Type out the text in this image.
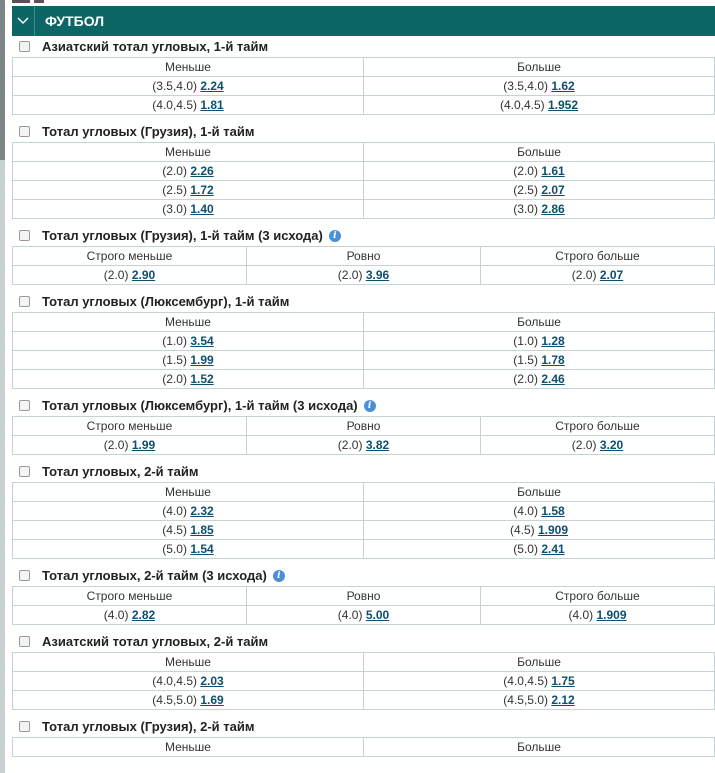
ФУТБОЛ
Азиатский тотал угловых, 1-й тайм
Меньше	Больше
(3.5,4.0) 2.24	(3.5,4.0) 1.62
(4.0,4.5) 1.81	(4.0,4.5) 1.952
Тотал угловых (Грузия), 1-й тайм
Меньше	Больше
(2.0) 2.26	(2.0) 1.61
(2.5) 1.72	(2.5) 2.07
(3.0) 1.40	(3.0) 2.86
Тотал угловых (Грузия), 1-й тайм (3 исхода)	i
Строго меньше	Ровно	Строго больше
(2.0) 2.90	(2.0) 3.96	(2.0) 2.07
Тотал угловых (Люксембург), 1-й тайм
Меньше	Больше
(1.0) 3.54	(1.0) 1.28
(1.5) 1.99	(1.5) 1.78
(2.0) 1.52	(2.0) 2.46
Тотал угловых (Люксембург), 1-й тайм (3 исхода)	i
Строго меньше	Ровно	Строго больше
(2.0) 1.99	(2.0) 3.82	(2.0) 3.20
Тотал угловых, 2-й тайм
Меньше	Больше
(4.0) 2.32	(4.0) 1.58
(4.5) 1.85	(4.5) 1.909
(5.0) 1.54	(5.0) 2.41
Тотал угловых, 2-й тайм (3 исхода)	i
Строго меньше	Ровно	Строго больше
(4.0) 2.82	(4.0) 5.00	(4.0) 1.909
Азиатский тотал угловых, 2-й тайм
Меньше	Больше
(4.0,4.5) 2.03	(4.0,4.5) 1.75
(4.5,5.0) 1.69	(4.5,5.0) 2.12
Тотал угловых (Грузия), 2-й тайм
Меньше	Больше
